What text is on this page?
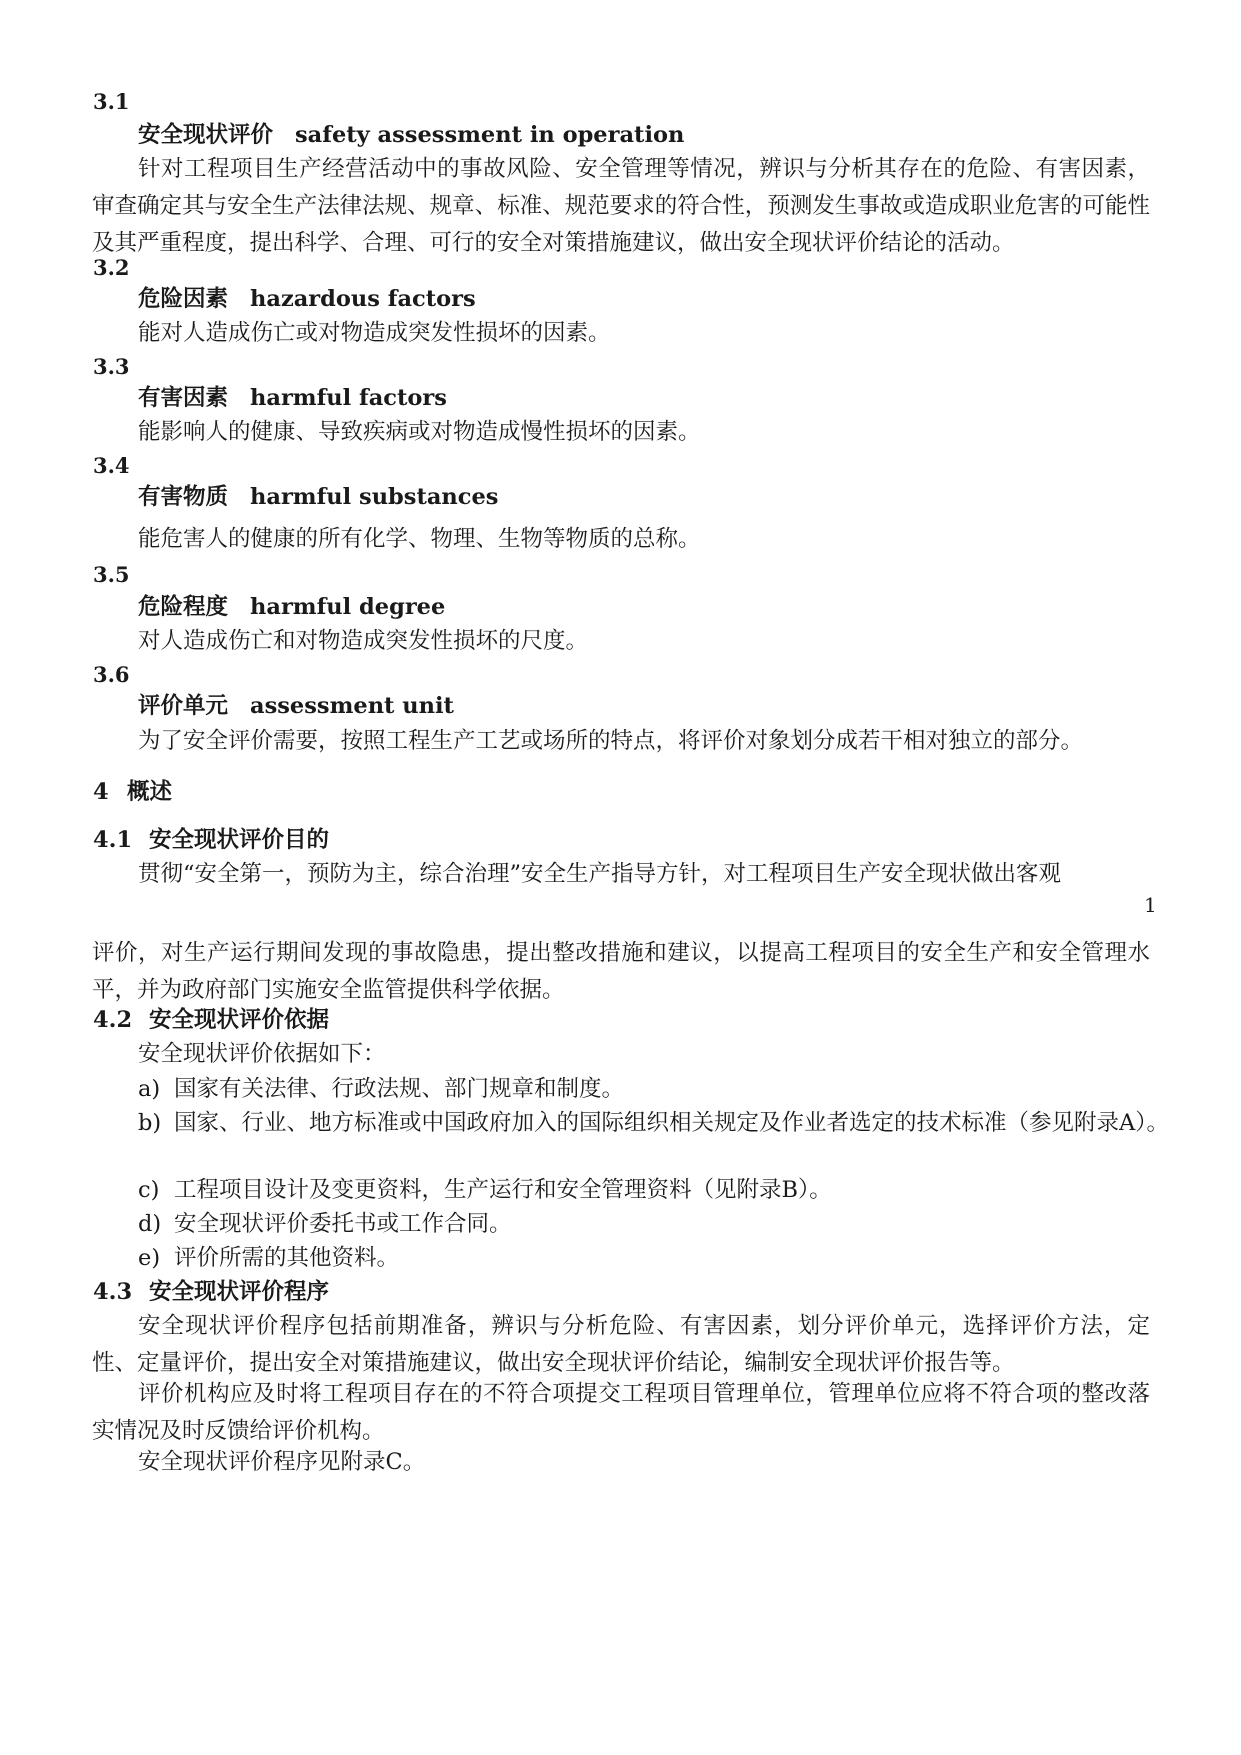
3.1
安全现状评价 safety assessment in operation
针对工程项目生产经营活动中的事故风险、安全管理等情况，辨识与分析其存在的危险、有害因素，审查确定其与安全生产法律法规、规章、标准、规范要求的符合性，预测发生事故或造成职业危害的可能性及其严重程度，提出科学、合理、可行的安全对策措施建议，做出安全现状评价结论的活动。
3.2
危险因素 hazardous factors
能对人造成伤亡或对物造成突发性损坏的因素。
3.3
有害因素 harmful factors
能影响人的健康、导致疾病或对物造成慢性损坏的因素。
3.4
有害物质 harmful substances
能危害人的健康的所有化学、物理、生物等物质的总称。
3.5
危险程度 harmful degree
对人造成伤亡和对物造成突发性损坏的尺度。
3.6
评价单元 assessment unit
为了安全评价需要，按照工程生产工艺或场所的特点，将评价对象划分成若干相对独立的部分。
4 概述
4.1 安全现状评价目的
贯彻“安全第一，预防为主，综合治理”安全生产指导方针，对工程项目生产安全现状做出客观
1
评价，对生产运行期间发现的事故隐患，提出整改措施和建议，以提高工程项目的安全生产和安全管理水平，并为政府部门实施安全监管提供科学依据。
4.2 安全现状评价依据
安全现状评价依据如下：
a) 国家有关法律、行政法规、部门规章和制度。
b) 国家、行业、地方标准或中国政府加入的国际组织相关规定及作业者选定的技术标准（参见附录A）。
c) 工程项目设计及变更资料，生产运行和安全管理资料（见附录B）。
d) 安全现状评价委托书或工作合同。
e) 评价所需的其他资料。
4.3 安全现状评价程序
安全现状评价程序包括前期准备，辨识与分析危险、有害因素，划分评价单元，选择评价方法，定性、定量评价，提出安全对策措施建议，做出安全现状评价结论，编制安全现状评价报告等。
评价机构应及时将工程项目存在的不符合项提交工程项目管理单位，管理单位应将不符合项的整改落实情况及时反馈给评价机构。
安全现状评价程序见附录C。
